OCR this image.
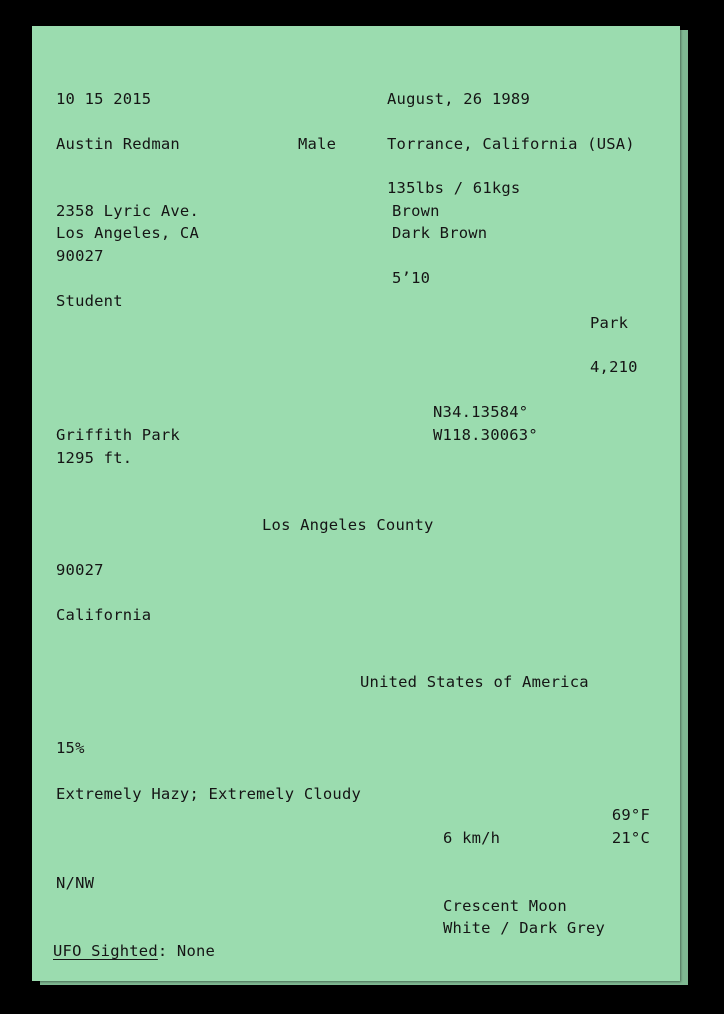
10 15 2015	August, 26 1989
Austin Redman	Male	Torrance, California (USA)
135lbs / 61kgs
Brown
Dark Brown
2358 Lyric Ave.
Los Angeles, CA
90027
5’10
Student
Park
4,210
N34.13584°
Griffith Park	W118.30063°
1295 ft.
Los Angeles County
90027
California
United States of America
15%
Extremely Hazy; Extremely Cloudy
69°F
6 km/h	21°C
N/NW
Crescent Moon
White / Dark Grey
UFO Sighted: None
